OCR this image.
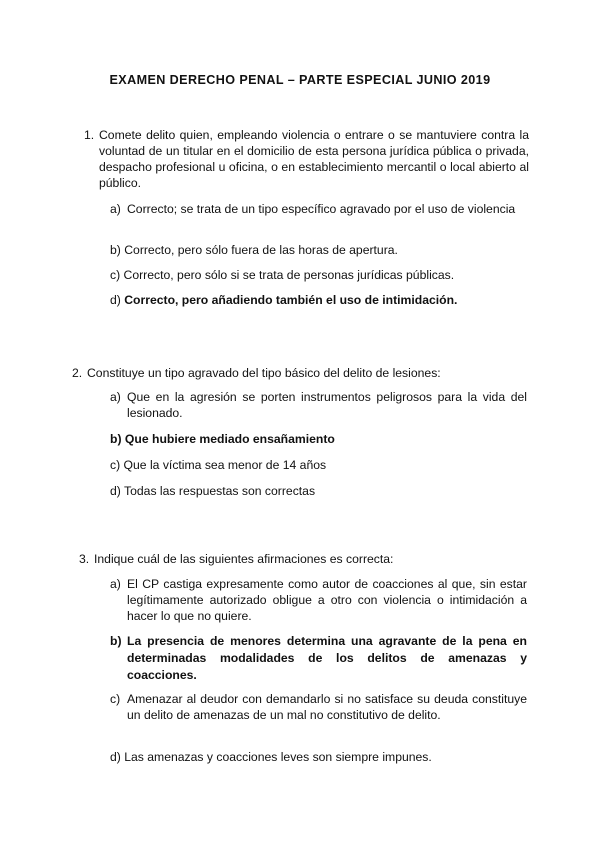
EXAMEN DERECHO PENAL – PARTE ESPECIAL JUNIO 2019
1. Comete delito quien, empleando violencia o entrare o se mantuviere contra la voluntad de un titular en el domicilio de esta persona jurídica pública o privada, despacho profesional u oficina, o en establecimiento mercantil o local abierto al público.
a) Correcto; se trata de un tipo específico agravado por el uso de violencia
b) Correcto, pero sólo fuera de las horas de apertura.
c) Correcto, pero sólo si se trata de personas jurídicas públicas.
d) Correcto, pero añadiendo también el uso de intimidación.
2. Constituye un tipo agravado del tipo básico del delito de lesiones:
a) Que en la agresión se porten instrumentos peligrosos para la vida del lesionado.
b) Que hubiere mediado ensañamiento
c) Que la víctima sea menor de 14 años
d) Todas las respuestas son correctas
3. Indique cuál de las siguientes afirmaciones es correcta:
a) El CP castiga expresamente como autor de coacciones al que, sin estar legítimamente autorizado obligue a otro con violencia o intimidación a hacer lo que no quiere.
b) La presencia de menores determina una agravante de la pena en determinadas modalidades de los delitos de amenazas y coacciones.
c) Amenazar al deudor con demandarlo si no satisface su deuda constituye un delito de amenazas de un mal no constitutivo de delito.
d) Las amenazas y coacciones leves son siempre impunes.
